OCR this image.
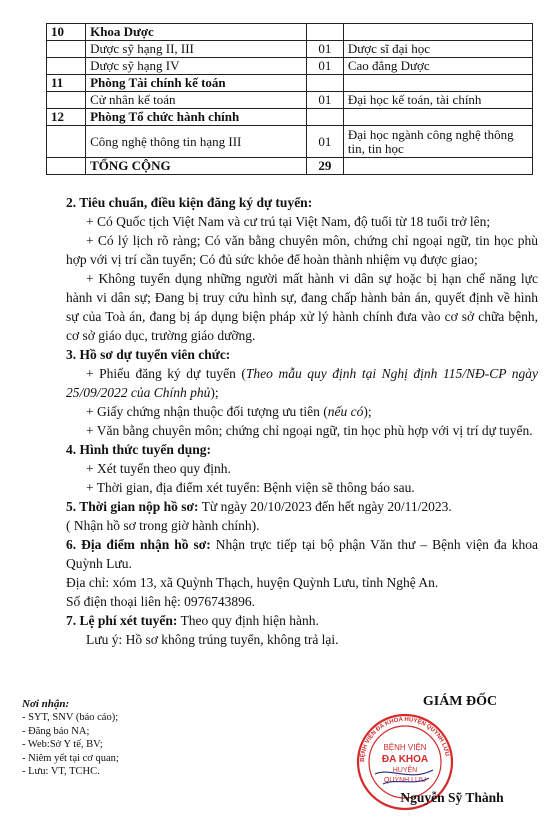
10	Khoa Dược		
	Dược sỹ hạng II, III	01	Dược sĩ đại học
	Dược sỹ hạng IV	01	Cao đẳng Dược
11	Phòng Tài chính kế toán		
	Cử nhân kế toán	01	Đại học kế toán, tài chính
12	Phòng Tổ chức hành chính		
	Công nghệ thông tin hạng III	01	Đại học ngành công nghệ thông tin, tin học
	TỔNG CỘNG	29	

2. Tiêu chuẩn, điều kiện đăng ký dự tuyển:

+ Có Quốc tịch Việt Nam và cư trú tại Việt Nam, độ tuổi từ 18 tuổi trở lên;

+ Có lý lịch rõ ràng; Có văn bằng chuyên môn, chứng chỉ ngoại ngữ, tin học phù hợp với vị trí cần tuyển; Có đủ sức khỏe để hoàn thành nhiệm vụ được giao;

+ Không tuyển dụng những người mất hành vi dân sự hoặc bị hạn chế năng lực hành vi dân sự; Đang bị truy cứu hình sự, đang chấp hành bản án, quyết định về hình sự của Toà án, đang bị áp dụng biện pháp xử lý hành chính đưa vào cơ sở chữa bệnh, cơ sở giáo dục, trường giáo dưỡng.

3. Hồ sơ dự tuyển viên chức:

+ Phiếu đăng ký dự tuyển (Theo mẫu quy định tại Nghị định 115/NĐ-CP ngày 25/09/2022 của Chính phủ);

+ Giấy chứng nhận thuộc đối tượng ưu tiên (nếu có);

+ Văn bằng chuyên môn; chứng chỉ ngoại ngữ, tin học phù hợp với vị trí dự tuyển.

4. Hình thức tuyển dụng:

+ Xét tuyển theo quy định.

+ Thời gian, địa điểm xét tuyển: Bệnh viện sẽ thông báo sau.

5. Thời gian nộp hồ sơ: Từ ngày 20/10/2023 đến hết ngày 20/11/2023.

( Nhận hồ sơ trong giờ hành chính).

6. Địa điểm nhận hồ sơ: Nhận trực tiếp tại bộ phận Văn thư – Bệnh viện đa khoa Quỳnh Lưu.

Địa chỉ: xóm 13, xã Quỳnh Thạch, huyện Quỳnh Lưu, tỉnh Nghệ An.

Số điện thoại liên hệ: 0976743896.

7. Lệ phí xét tuyển: Theo quy định hiện hành.

Lưu ý: Hồ sơ không trúng tuyển, không trả lại.

Nơi nhận:
- SYT, SNV (báo cáo);
- Đăng báo NA;
- Web:Sở Y tế, BV;
- Niêm yết tại cơ quan;
- Lưu: VT, TCHC.
GIÁM ĐỐC
BỆNH VIỆN ĐA KHOA HUYỆN QUỲNH LƯU
BỆNH VIỆN
ĐA KHOA
HUYỆN
QUỲNH LƯU
Nguyễn Sỹ Thành
